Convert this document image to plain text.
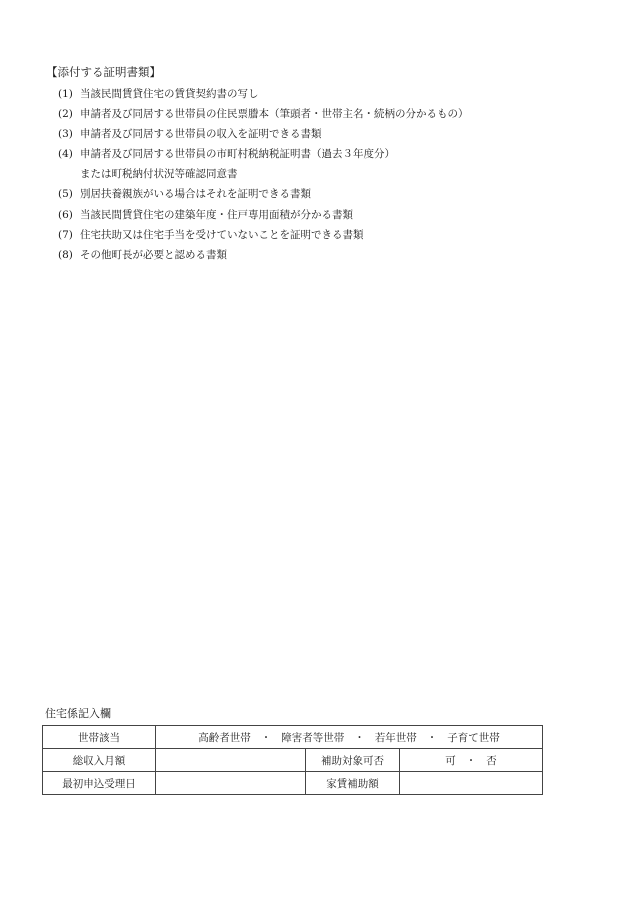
【添付する証明書類】
(1) 当該民間賃貸住宅の賃貸契約書の写し
(2) 申請者及び同居する世帯員の住民票謄本（筆頭者・世帯主名・続柄の分かるもの）
(3) 申請者及び同居する世帯員の収入を証明できる書類
(4) 申請者及び同居する世帯員の市町村税納税証明書（過去３年度分）
または町税納付状況等確認同意書
(5) 別居扶養親族がいる場合はそれを証明できる書類
(6) 当該民間賃貸住宅の建築年度・住戸専用面積が分かる書類
(7) 住宅扶助又は住宅手当を受けていないことを証明できる書類
(8) その他町長が必要と認める書類
住宅係記入欄
世帯該当	高齢者世帯 ・ 障害者等世帯 ・ 若年世帯 ・ 子育て世帯		
総収入月額		補助対象可否	可 ・ 否
最初申込受理日		家賃補助額	
